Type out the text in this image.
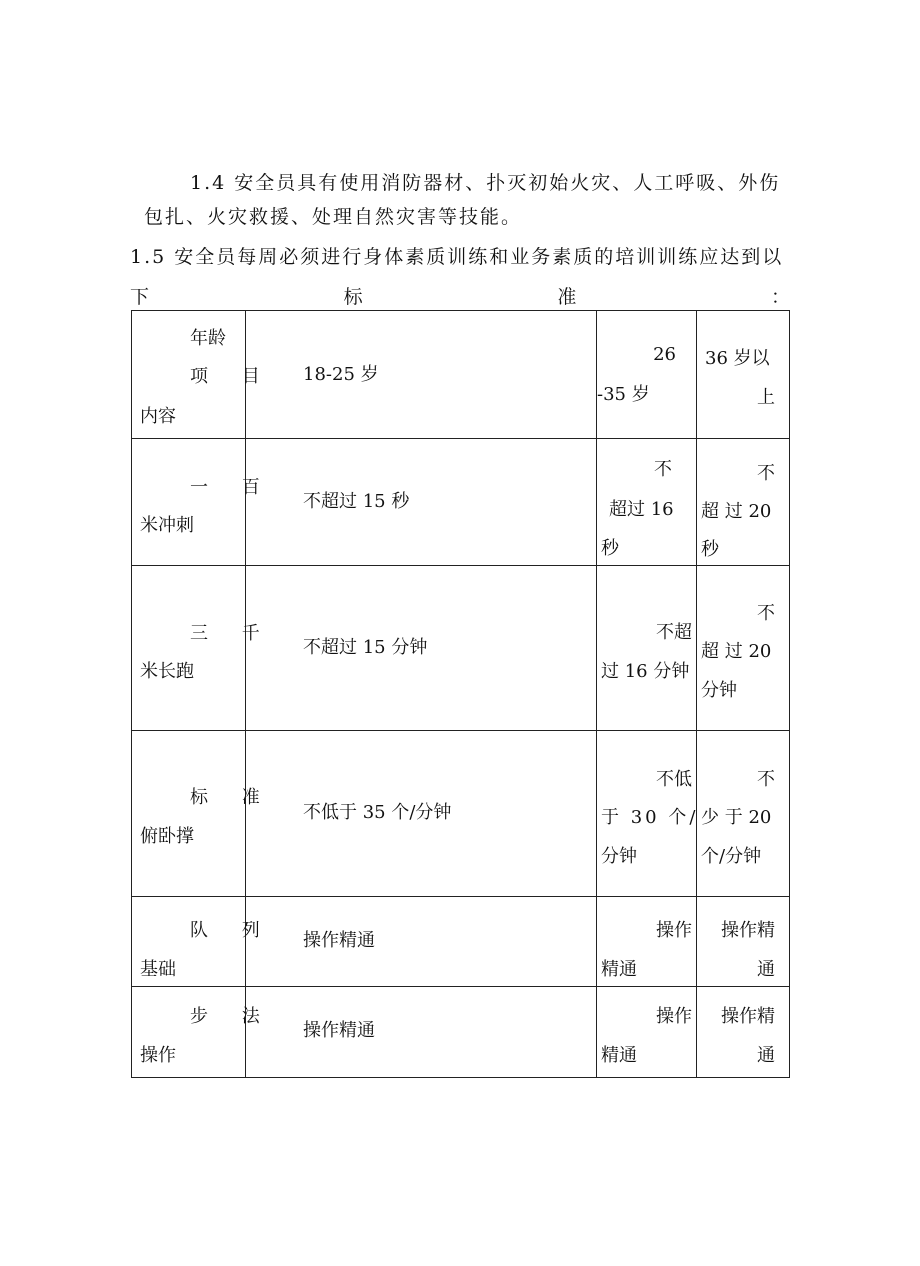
1.4 安全员具有使用消防器材、扑灭初始火灾、人工呼吸、外伤
包扎、火灾救援、处理自然灾害等技能。
1.5 安全员每周必须进行身体素质训练和业务素质的培训训练应达到以
下	标	准	：
年龄
项 目
内容	18-25 岁	26
-35 岁	36 岁以
上

一 百
米冲刺	不超过 15 秒	不
超过 16
秒	不
超 过 20
秒

三 千
米长跑	不超过 15 分钟	不超
过 16 分钟	不
超 过 20
分钟

标 准
俯卧撑	不低于 35 个/分钟	不低
于 30 个/
分钟	不
少 于 20
个/分钟

队 列
基础	操作精通	操作
精通	操作精
通

步 法
操作	操作精通	操作
精通	操作精
通
